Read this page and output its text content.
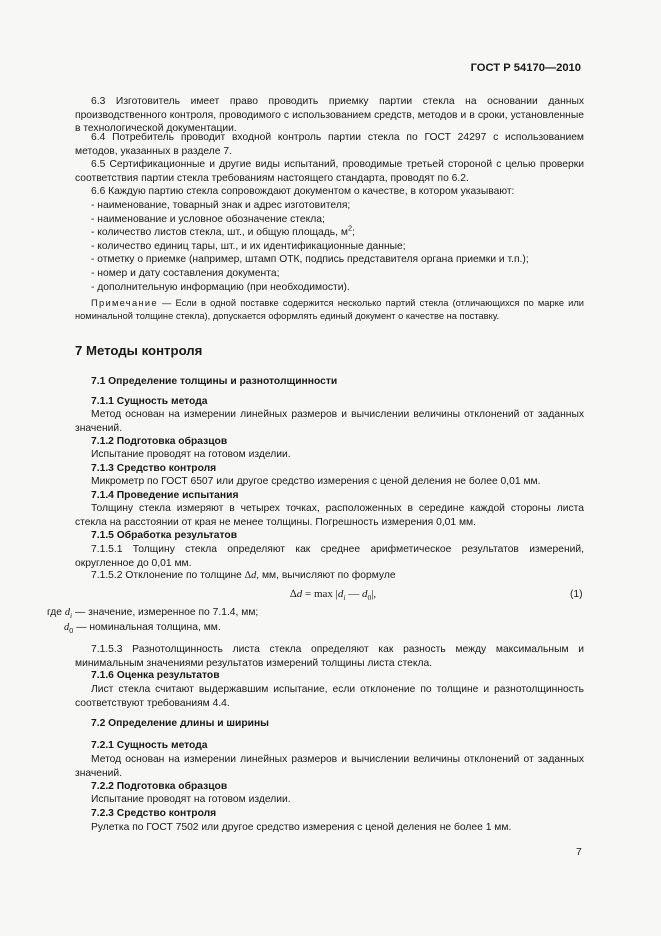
ГОСТ Р 54170—2010

6.3 Изготовитель имеет право проводить приемку партии стекла на основании данных производственного контроля, проводимого с использованием средств, методов и в сроки, установленные в технологической документации.

6.4 Потребитель проводит входной контроль партии стекла по ГОСТ 24297 с использованием методов, указанных в разделе 7.

6.5 Сертификационные и другие виды испытаний, проводимые третьей стороной с целью проверки соответствия партии стекла требованиям настоящего стандарта, проводят по 6.2.

6.6 Каждую партию стекла сопровождают документом о качестве, в котором указывают:

- наименование, товарный знак и адрес изготовителя;

- наименование и условное обозначение стекла;

- количество листов стекла, шт., и общую площадь, $м^2$;

- количество единиц тары, шт., и их идентификационные данные;

- отметку о приемке (например, штамп ОТК, подпись представителя органа приемки и т.п.);

- номер и дату составления документа;

- дополнительную информацию (при необходимости).

Примечание — Если в одной поставке содержится несколько партий стекла (отличающихся по марке или номинальной толщине стекла), допускается оформлять единый документ о качестве на поставку.

7 Методы контроля
7.1 Определение толщины и разнотолщинности
7.1.1 Сущность метода

Метод основан на измерении линейных размеров и вычислении величины отклонений от заданных значений.

7.1.2 Подготовка образцов

Испытание проводят на готовом изделии.

7.1.3 Средство контроля

Микрометр по ГОСТ 6507 или другое средство измерения с ценой деления не более 0,01 мм.

7.1.4 Проведение испытания

Толщину стекла измеряют в четырех точках, расположенных в середине каждой стороны листа стекла на расстоянии от края не менее толщины. Погрешность измерения 0,01 мм.

7.1.5 Обработка результатов

7.1.5.1 Толщину стекла определяют как среднее арифметическое результатов измерений, округленное до 0,01 мм.

7.1.5.2 Отклонение по толщине ∆d, мм, вычисляют по формуле

$\Delta d = \max |d_i$ — $d_0|$,	(1)

где $d_i$ — значение, измеренное по 7.1.4, мм;

$d_0$ — номинальная толщина, мм.

7.1.5.3 Разнотолщинность листа стекла определяют как разность между максимальным и минимальным значениями результатов измерений толщины листа стекла.

7.1.6 Оценка результатов

Лист стекла считают выдержавшим испытание, если отклонение по толщине и разнотолщинность соответствуют требованиям 4.4.

7.2 Определение длины и ширины
7.2.1 Сущность метода

Метод основан на измерении линейных размеров и вычислении величины отклонений от заданных значений.

7.2.2 Подготовка образцов

Испытание проводят на готовом изделии.

7.2.3 Средство контроля

Рулетка по ГОСТ 7502 или другое средство измерения с ценой деления не более 1 мм.

7
